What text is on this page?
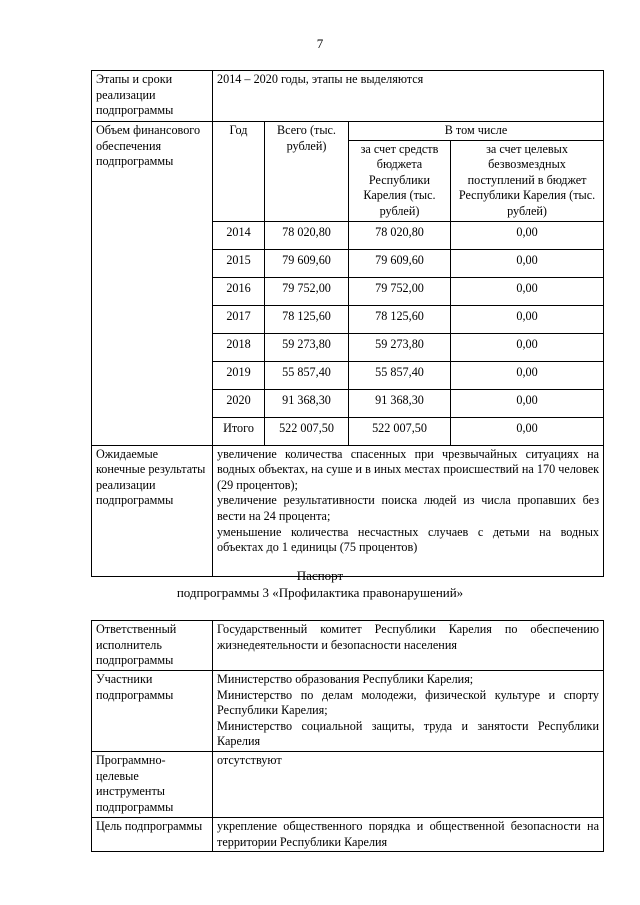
7
Этапы и сроки реализации подпрограммы	2014 – 2020 годы, этапы не выделяются			
Объем финансового обеспечения подпрограммы	Год	Всего (тыс. рублей)	В том числе	
			за счет средств бюджета Республики Карелия (тыс. рублей)	за счет целевых безвозмездных поступлений в бюджет Республики Карелия (тыс. рублей)
	2014	78 020,80	78 020,80	0,00
	2015	79 609,60	79 609,60	0,00
	2016	79 752,00	79 752,00	0,00
	2017	78 125,60	78 125,60	0,00
	2018	59 273,80	59 273,80	0,00
	2019	55 857,40	55 857,40	0,00
	2020	91 368,30	91 368,30	0,00
	Итого	522 007,50	522 007,50	0,00
Ожидаемые конечные результаты реализации подпрограммы	увеличение количества спасенных при чрезвычайных ситуациях на водных объектах, на суше и в иных местах происшествий на 170 человек (29 процентов);
увеличение результативности поиска людей из числа пропавших без вести на 24 процента;
уменьшение количества несчастных случаев с детьми на водных объектах до 1 единицы (75 процентов)			
Паспорт
подпрограммы 3 «Профилактика правонарушений»
Ответственный исполнитель подпрограммы	Государственный комитет Республики Карелия по обеспечению жизнедеятельности и безопасности населения

Участники подпрограммы	Министерство образования Республики Карелия;
Министерство по делам молодежи, физической культуре и спорту Республики Карелия;
Министерство социальной защиты, труда и занятости Республики Карелия

Программно-целевые инструменты подпрограммы	отсутствуют

Цель подпрограммы	укрепление общественного порядка и общественной безопасности на территории Республики Карелия
